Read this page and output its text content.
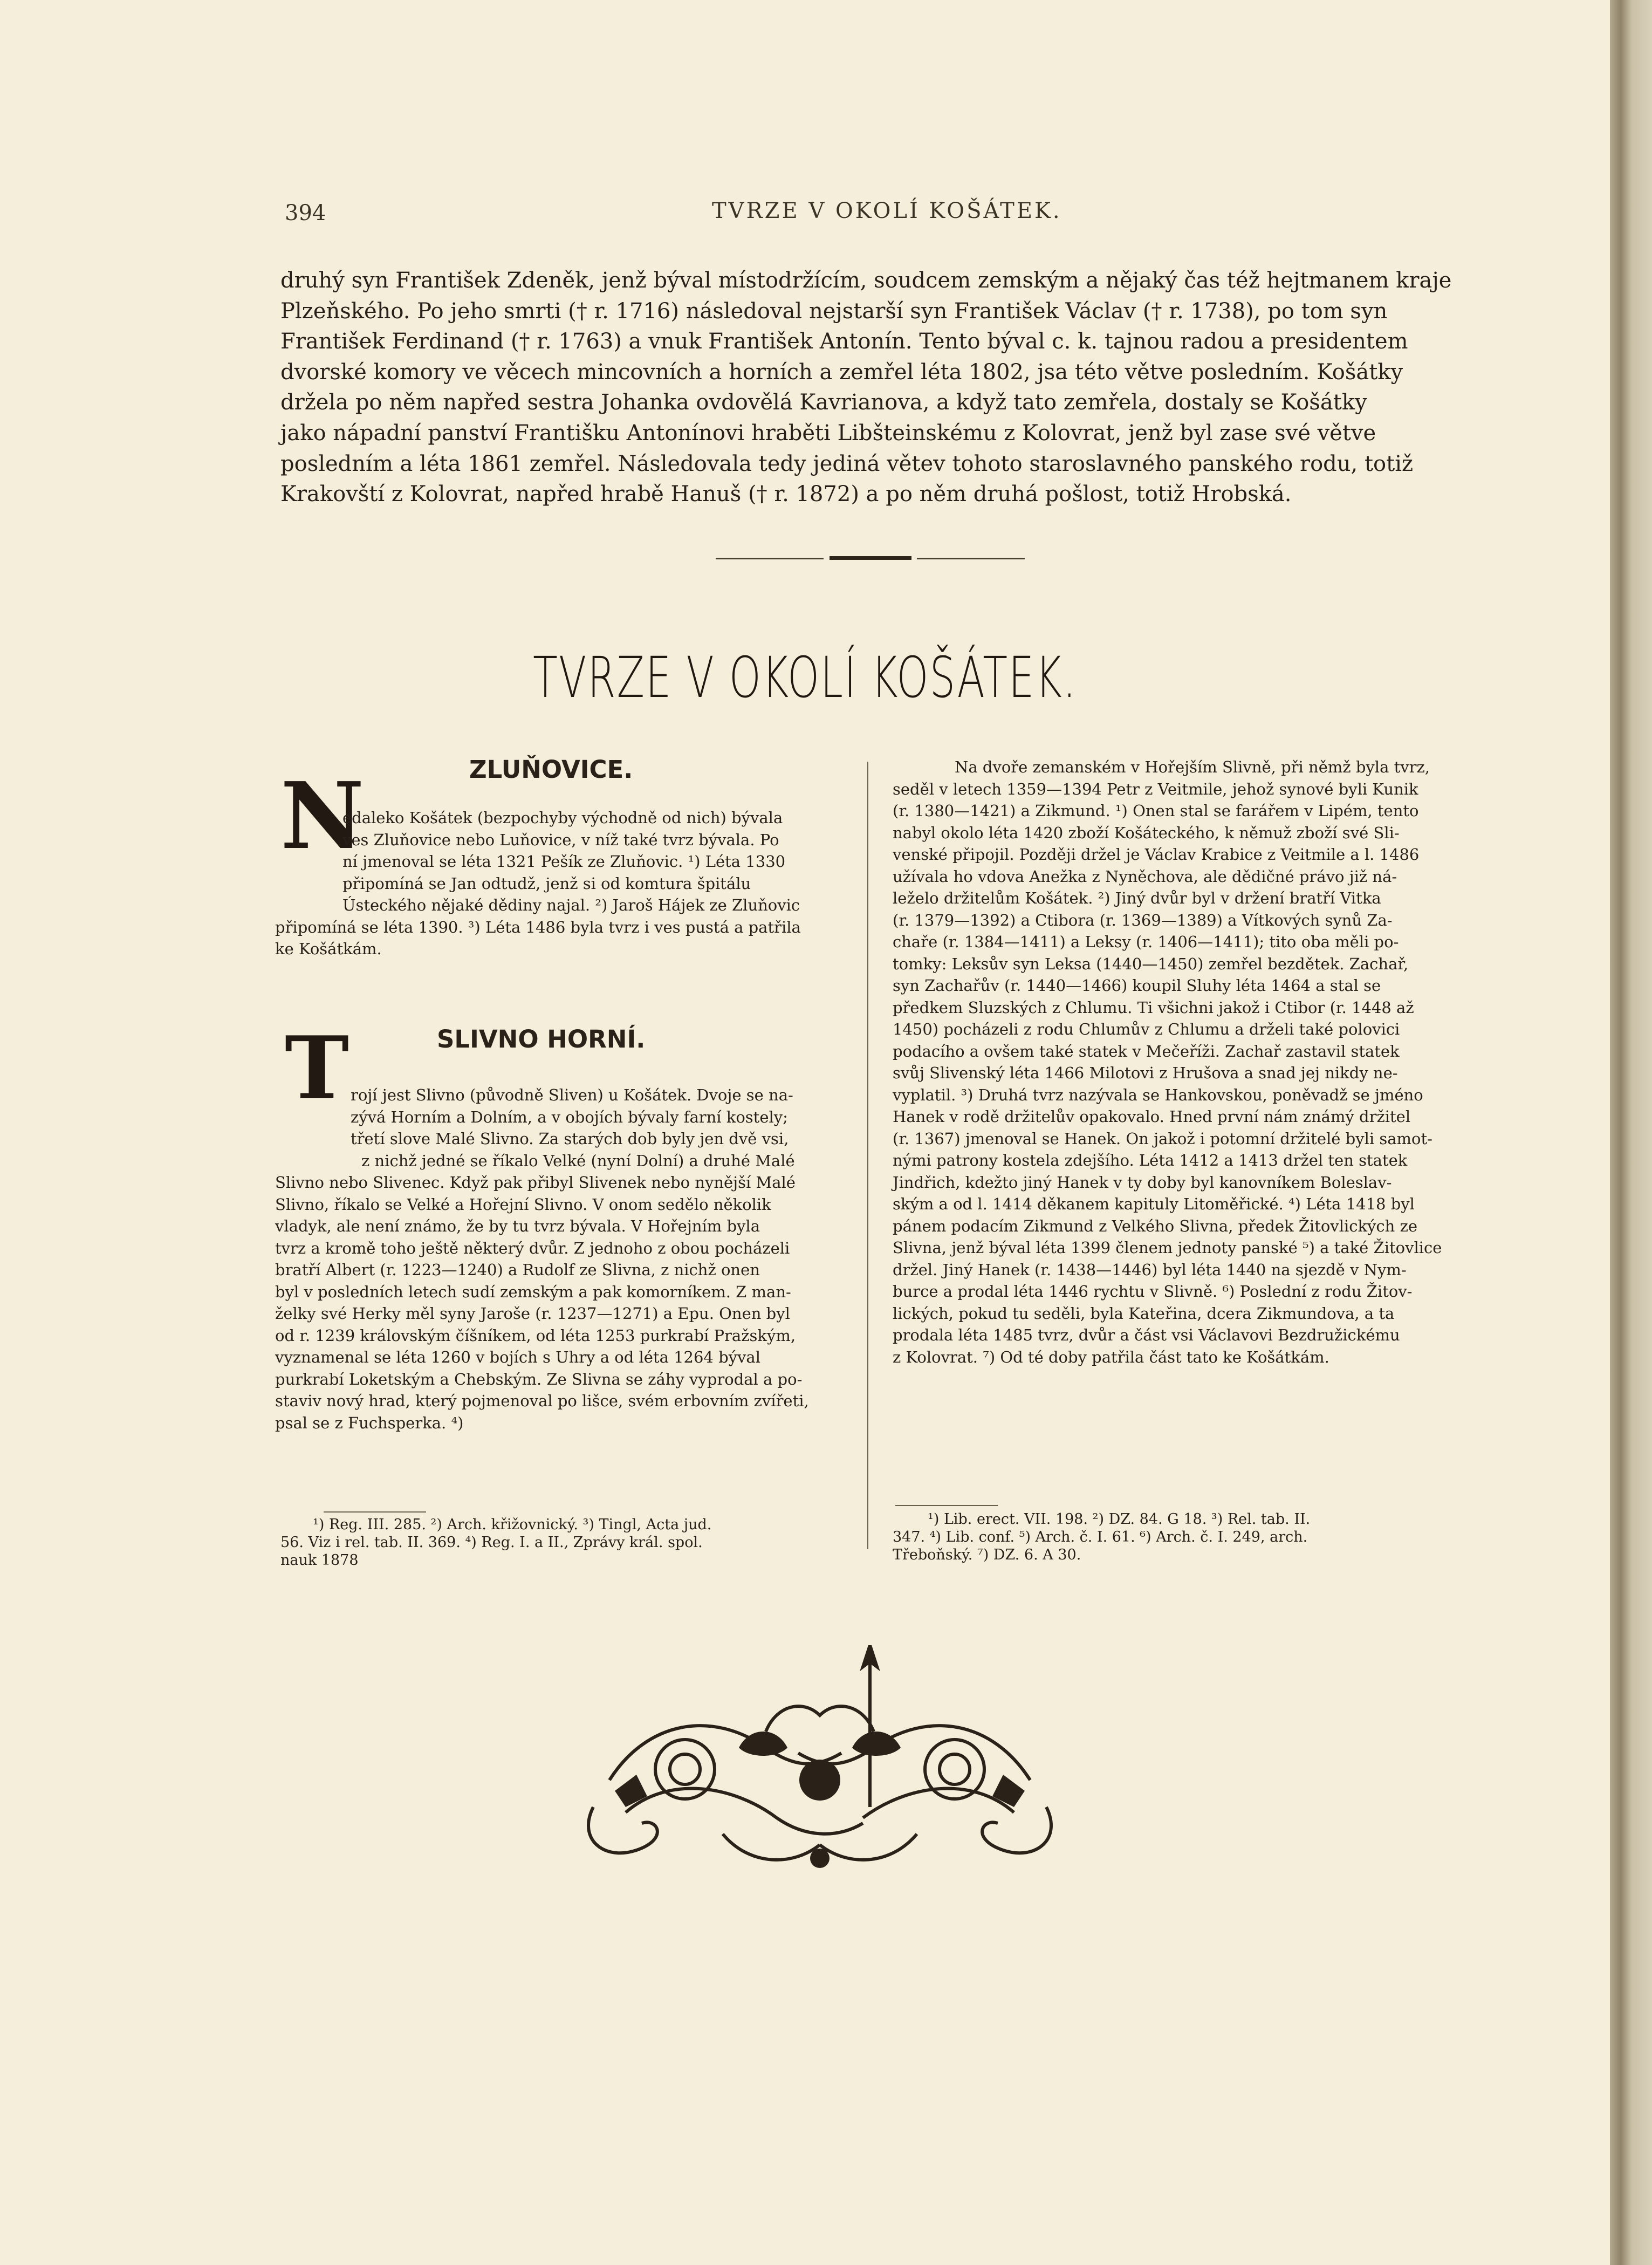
394	TVRZE V OKOLÍ KOŠÁTEK.
druhý syn František Zdeněk, jenž býval místodržícím, soudcem zemským a nějaký čas též hejtmanem kraje
Plzeňského. Po jeho smrti († r. 1716) následoval nejstarší syn František Václav († r. 1738), po tom syn
František Ferdinand († r. 1763) a vnuk František Antonín. Tento býval c. k. tajnou radou a presidentem
dvorské komory ve věcech mincovních a horních a zemřel léta 1802, jsa této větve posledním. Košátky
držela po něm napřed sestra Johanka ovdovělá Kavrianova, a když tato zemřela, dostaly se Košátky
jako nápadní panství Františku Antonínovi hraběti Libšteinskému z Kolovrat, jenž byl zase své větve
posledním a léta 1861 zemřel. Následovala tedy jediná větev tohoto staroslavného panského rodu, totiž
Krakovští z Kolovrat, napřed hrabě Hanuš († r. 1872) a po něm druhá pošlost, totiž Hrobská.
TVRZE V OKOLÍ KOŠÁTEK.
ZLUŇOVICE.
N
edaleko Košátek (bezpochyby východně od nich) bývala
ves Zluňovice nebo Luňovice, v níž také tvrz bývala. Po
ní jmenoval se léta 1321 Pešík ze Zluňovic. ¹) Léta 1330
připomíná se Jan odtudž, jenž si od komtura špitálu
Ústeckého nějaké dědiny najal. ²) Jaroš Hájek ze Zluňovic
připomíná se léta 1390. ³) Léta 1486 byla tvrz i ves pustá a patřila
ke Košátkám.
SLIVNO HORNÍ.
T rojí jest Slivno (původně Sliven) u Košátek. Dvoje se na-
zývá Horním a Dolním, a v obojích bývaly farní kostely;
třetí slove Malé Slivno. Za starých dob byly jen dvě vsi,
z nichž jedné se říkalo Velké (nyní Dolní) a druhé Malé
Slivno nebo Slivenec. Když pak přibyl Slivenek nebo nynější Malé
Slivno, říkalo se Velké a Hořejní Slivno. V onom sedělo několik
vladyk, ale není známo, že by tu tvrz bývala. V Hořejním byla
tvrz a kromě toho ještě některý dvůr. Z jednoho z obou pocházeli
bratří Albert (r. 1223—1240) a Rudolf ze Slivna, z nichž onen
byl v posledních letech sudí zemským a pak komorníkem. Z man-
želky své Herky měl syny Jaroše (r. 1237—1271) a Epu. Onen byl
od r. 1239 královským číšníkem, od léta 1253 purkrabí Pražským,
vyznamenal se léta 1260 v bojích s Uhry a od léta 1264 býval
purkrabí Loketským a Chebským. Ze Slivna se záhy vyprodal a po-
staviv nový hrad, který pojmenoval po lišce, svém erbovním zvířeti,
psal se z Fuchsperka. ⁴)
¹) Reg. III. 285. ²) Arch. křižovnický. ³) Tingl, Acta jud.
56. Viz i rel. tab. II. 369. ⁴) Reg. I. a II., Zprávy král. spol.
nauk 1878
Na dvoře zemanském v Hořejším Slivně, při němž byla tvrz,
seděl v letech 1359—1394 Petr z Veitmile, jehož synové byli Kunik
(r. 1380—1421) a Zikmund. ¹) Onen stal se farářem v Lipém, tento
nabyl okolo léta 1420 zboží Košáteckého, k němuž zboží své Sli-
venské připojil. Později držel je Václav Krabice z Veitmile a l. 1486
užívala ho vdova Anežka z Nyněchova, ale dědičné právo již ná-
leželo držitelům Košátek. ²) Jiný dvůr byl v držení bratří Vitka
(r. 1379—1392) a Ctibora (r. 1369—1389) a Vítkových synů Za-
chaře (r. 1384—1411) a Leksy (r. 1406—1411); tito oba měli po-
tomky: Leksův syn Leksa (1440—1450) zemřel bezdětek. Zachař,
syn Zachařův (r. 1440—1466) koupil Sluhy léta 1464 a stal se
předkem Sluzských z Chlumu. Ti všichni jakož i Ctibor (r. 1448 až
1450) pocházeli z rodu Chlumův z Chlumu a drželi také polovici
podacího a ovšem také statek v Mečeříži. Zachař zastavil statek
svůj Slivenský léta 1466 Milotovi z Hrušova a snad jej nikdy ne-
vyplatil. ³) Druhá tvrz nazývala se Hankovskou, poněvadž se jméno
Hanek v rodě držitelův opakovalo. Hned první nám známý držitel
(r. 1367) jmenoval se Hanek. On jakož i potomní držitelé byli samot-
nými patrony kostela zdejšího. Léta 1412 a 1413 držel ten statek
Jindřich, kdežto jiný Hanek v ty doby byl kanovníkem Boleslav-
ským a od l. 1414 děkanem kapituly Litoměřické. ⁴) Léta 1418 byl
pánem podacím Zikmund z Velkého Slivna, předek Žitovlických ze
Slivna, jenž býval léta 1399 členem jednoty panské ⁵) a také Žitovlice
držel. Jiný Hanek (r. 1438—1446) byl léta 1440 na sjezdě v Nym-
burce a prodal léta 1446 rychtu v Slivně. ⁶) Poslední z rodu Žitov-
lických, pokud tu seděli, byla Kateřina, dcera Zikmundova, a ta
prodala léta 1485 tvrz, dvůr a část vsi Václavovi Bezdružickému
z Kolovrat. ⁷) Od té doby patřila část tato ke Košátkám.
¹) Lib. erect. VII. 198. ²) DZ. 84. G 18. ³) Rel. tab. II.
347. ⁴) Lib. conf. ⁵) Arch. č. I. 61. ⁶) Arch. č. I. 249, arch.
Třeboňský. ⁷) DZ. 6. A 30.
